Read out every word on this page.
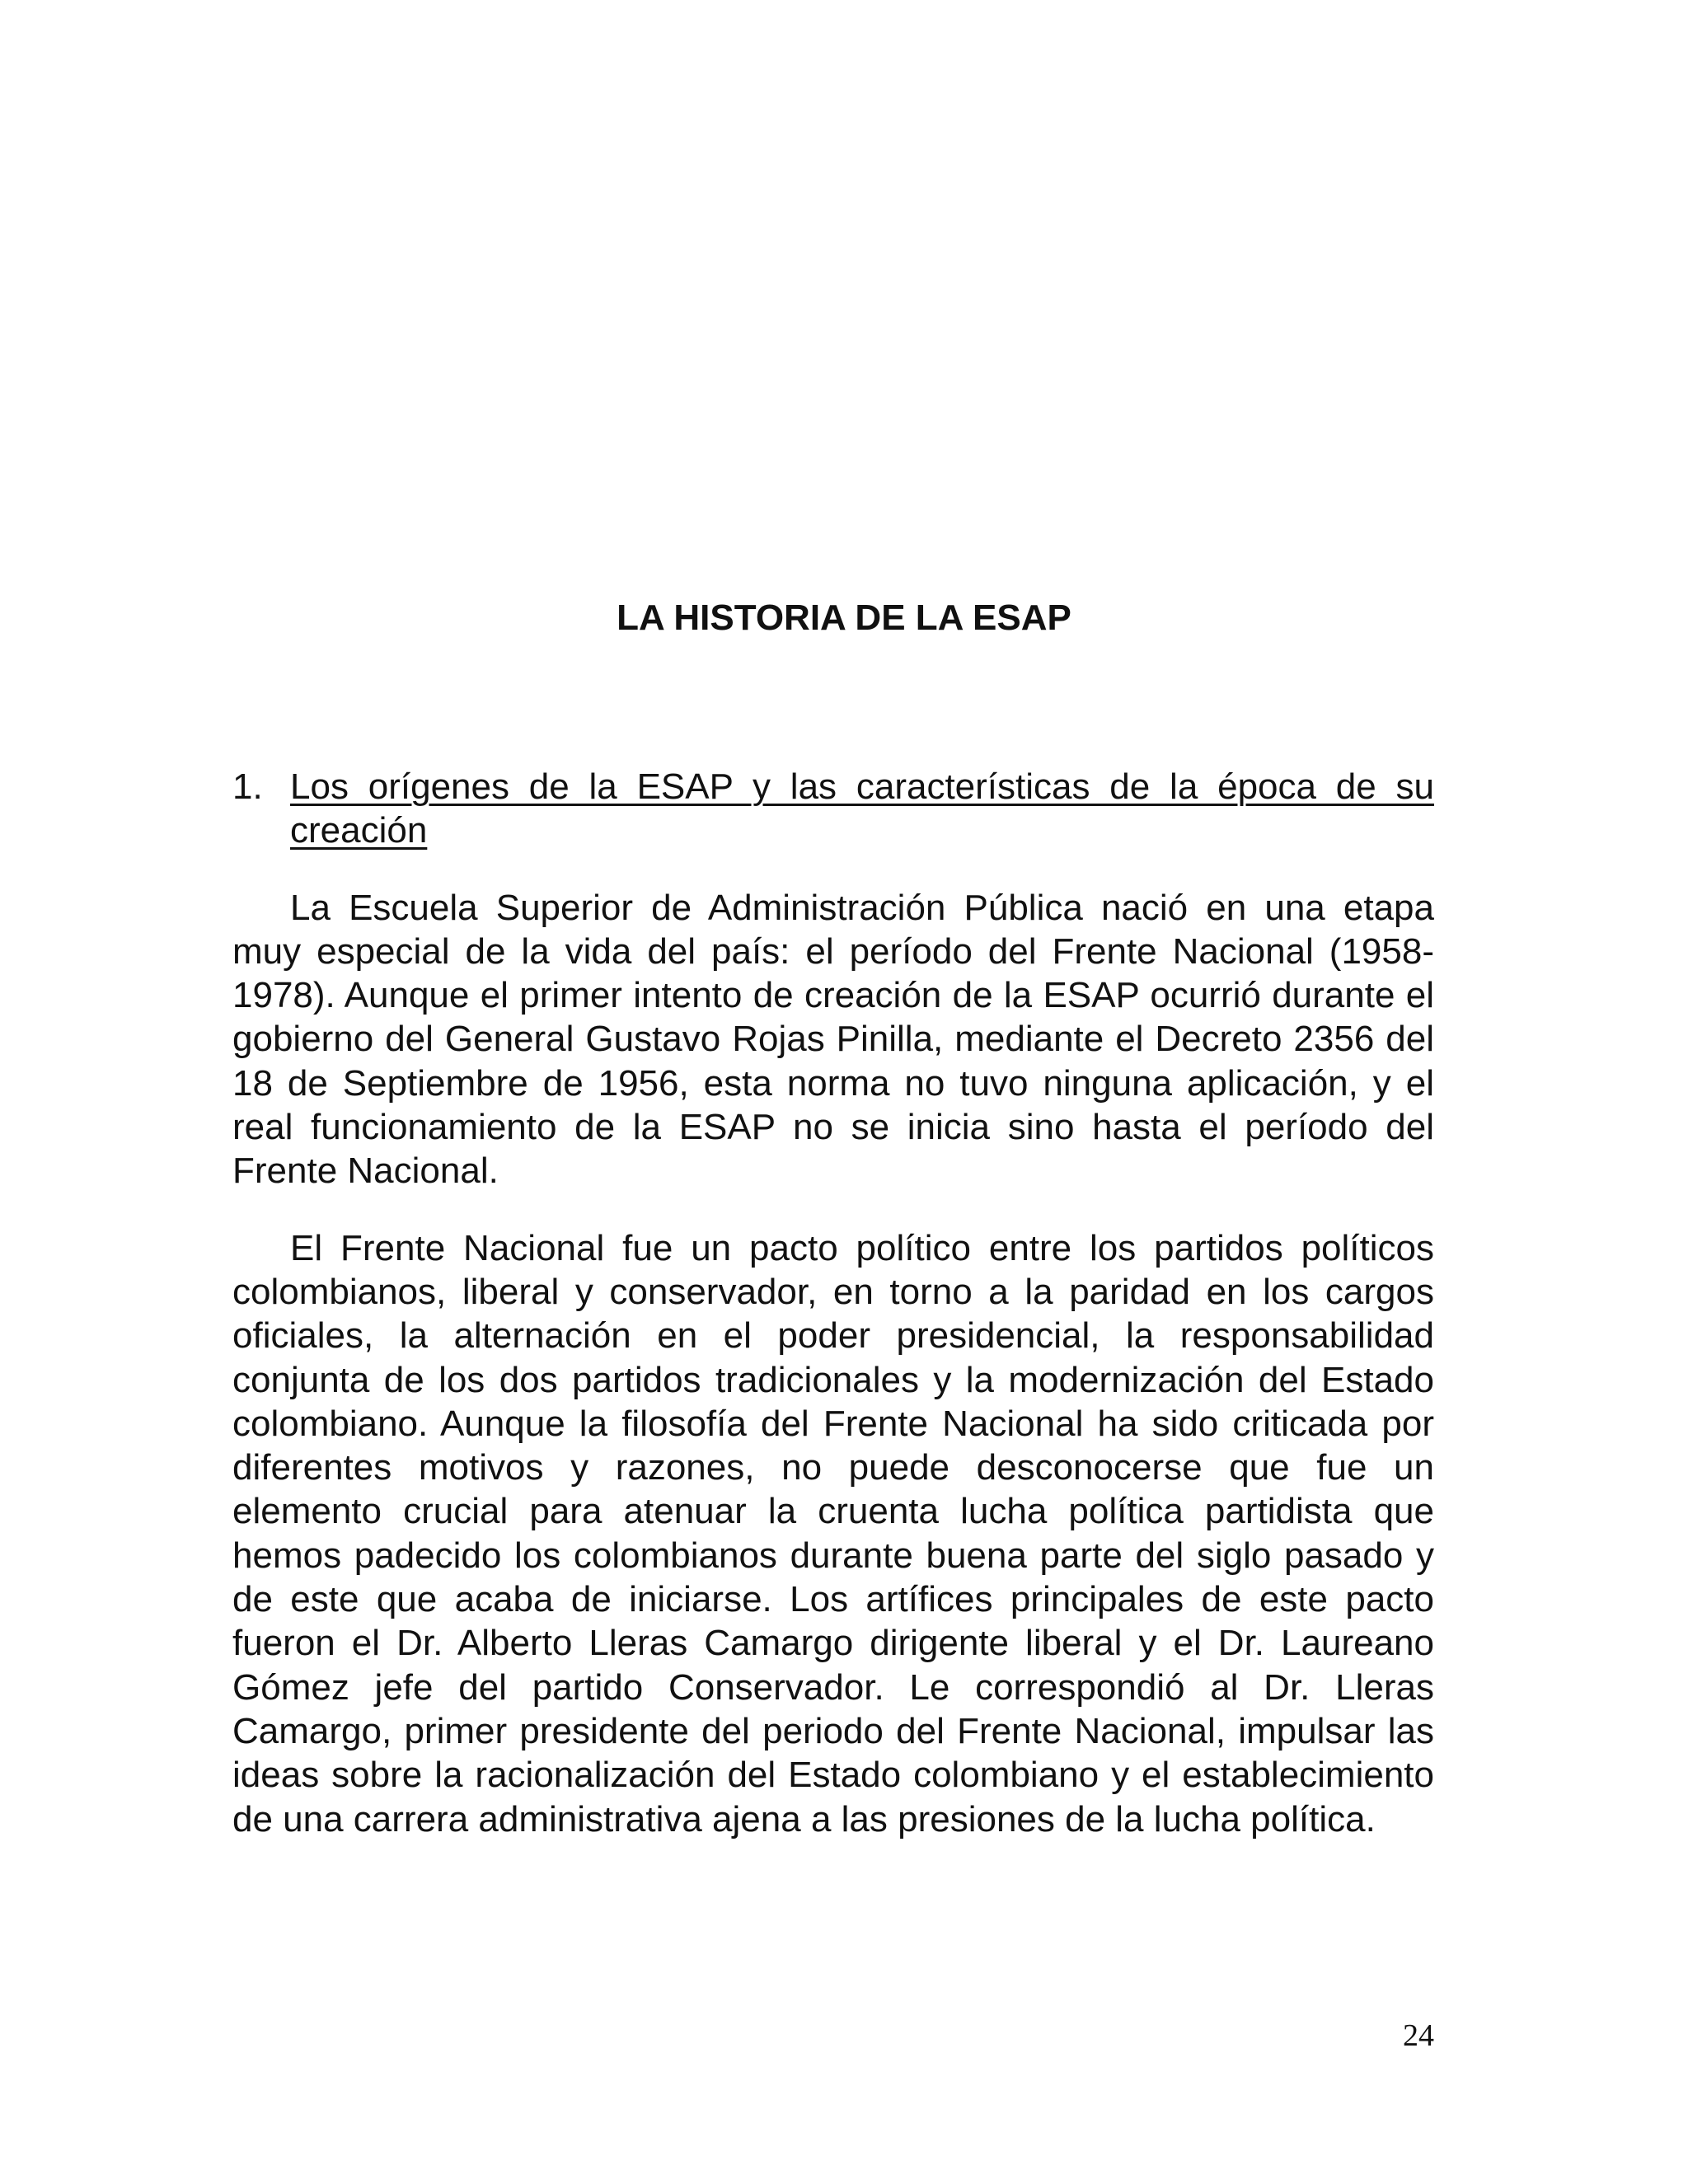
LA HISTORIA DE LA ESAP
1. Los orígenes de la ESAP y las características de la época de su creación

La Escuela Superior de Administración Pública nació en una etapa muy especial de la vida del país: el período del Frente Nacional (1958-1978). Aunque el primer intento de creación de la ESAP ocurrió durante el gobierno del General Gustavo Rojas Pinilla, mediante el Decreto 2356 del 18 de Septiembre de 1956, esta norma no tuvo ninguna aplicación, y el real funcionamiento de la ESAP no se inicia sino hasta el período del Frente Nacional.

El Frente Nacional fue un pacto político entre los partidos políticos colombianos, liberal y conservador, en torno a la paridad en los cargos oficiales, la alternación en el poder presidencial, la responsabilidad conjunta de los dos partidos tradicionales y la modernización del Estado colombiano. Aunque la filosofía del Frente Nacional ha sido criticada por diferentes motivos y razones, no puede desconocerse que fue un elemento crucial para atenuar la cruenta lucha política partidista que hemos padecido los colombianos durante buena parte del siglo pasado y de este que acaba de iniciarse. Los artífices principales de este pacto fueron el Dr. Alberto Lleras Camargo dirigente liberal y el Dr. Laureano Gómez jefe del partido Conservador. Le correspondió al Dr. Lleras Camargo, primer presidente del periodo del Frente Nacional, impulsar las ideas sobre la racionalización del Estado colombiano y el establecimiento de una carrera administrativa ajena a las presiones de la lucha política.

24
